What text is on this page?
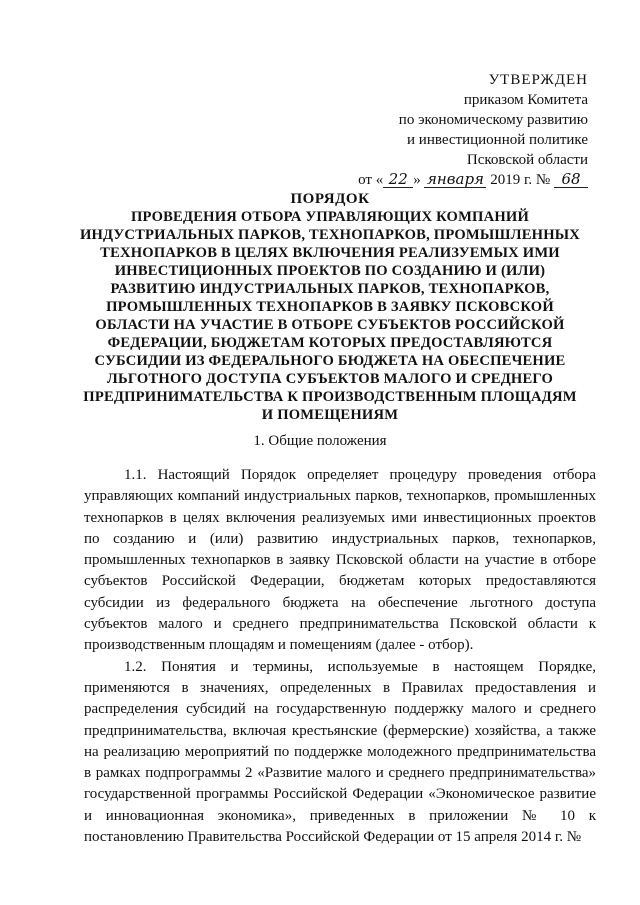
УТВЕРЖДЕН
приказом Комитета
по экономическому развитию
и инвестиционной политике
Псковской области
от « 22 » января 2019 г. № 68
ПОРЯДОК
ПРОВЕДЕНИЯ ОТБОРА УПРАВЛЯЮЩИХ КОМПАНИЙ
ИНДУСТРИАЛЬНЫХ ПАРКОВ, ТЕХНОПАРКОВ, ПРОМЫШЛЕННЫХ
ТЕХНОПАРКОВ В ЦЕЛЯХ ВКЛЮЧЕНИЯ РЕАЛИЗУЕМЫХ ИМИ
ИНВЕСТИЦИОННЫХ ПРОЕКТОВ ПО СОЗДАНИЮ И (ИЛИ)
РАЗВИТИЮ ИНДУСТРИАЛЬНЫХ ПАРКОВ, ТЕХНОПАРКОВ,
ПРОМЫШЛЕННЫХ ТЕХНОПАРКОВ В ЗАЯВКУ ПСКОВСКОЙ
ОБЛАСТИ НА УЧАСТИЕ В ОТБОРЕ СУБЪЕКТОВ РОССИЙСКОЙ
ФЕДЕРАЦИИ, БЮДЖЕТАМ КОТОРЫХ ПРЕДОСТАВЛЯЮТСЯ
СУБСИДИИ ИЗ ФЕДЕРАЛЬНОГО БЮДЖЕТА НА ОБЕСПЕЧЕНИЕ
ЛЬГОТНОГО ДОСТУПА СУБЪЕКТОВ МАЛОГО И СРЕДНЕГО
ПРЕДПРИНИМАТЕЛЬСТВА К ПРОИЗВОДСТВЕННЫМ ПЛОЩАДЯМ
И ПОМЕЩЕНИЯМ
1. Общие положения

1.1. Настоящий Порядок определяет процедуру проведения отбора управляющих компаний индустриальных парков, технопарков, промышленных технопарков в целях включения реализуемых ими инвестиционных проектов по созданию и (или) развитию индустриальных парков, технопарков, промышленных технопарков в заявку Псковской области на участие в отборе субъектов Российской Федерации, бюджетам которых предоставляются субсидии из федерального бюджета на обеспечение льготного доступа субъектов малого и среднего предпринимательства Псковской области к производственным площадям и помещениям (далее - отбор).

1.2. Понятия и термины, используемые в настоящем Порядке, применяются в значениях, определенных в Правилах предоставления и распределения субсидий на государственную поддержку малого и среднего предпринимательства, включая крестьянские (фермерские) хозяйства, а также на реализацию мероприятий по поддержке молодежного предпринимательства в рамках подпрограммы 2 «Развитие малого и среднего предпринимательства» государственной программы Российской Федерации «Экономическое развитие и инновационная экономика», приведенных в приложении № 10 к постановлению Правительства Российской Федерации от 15 апреля 2014 г. №
